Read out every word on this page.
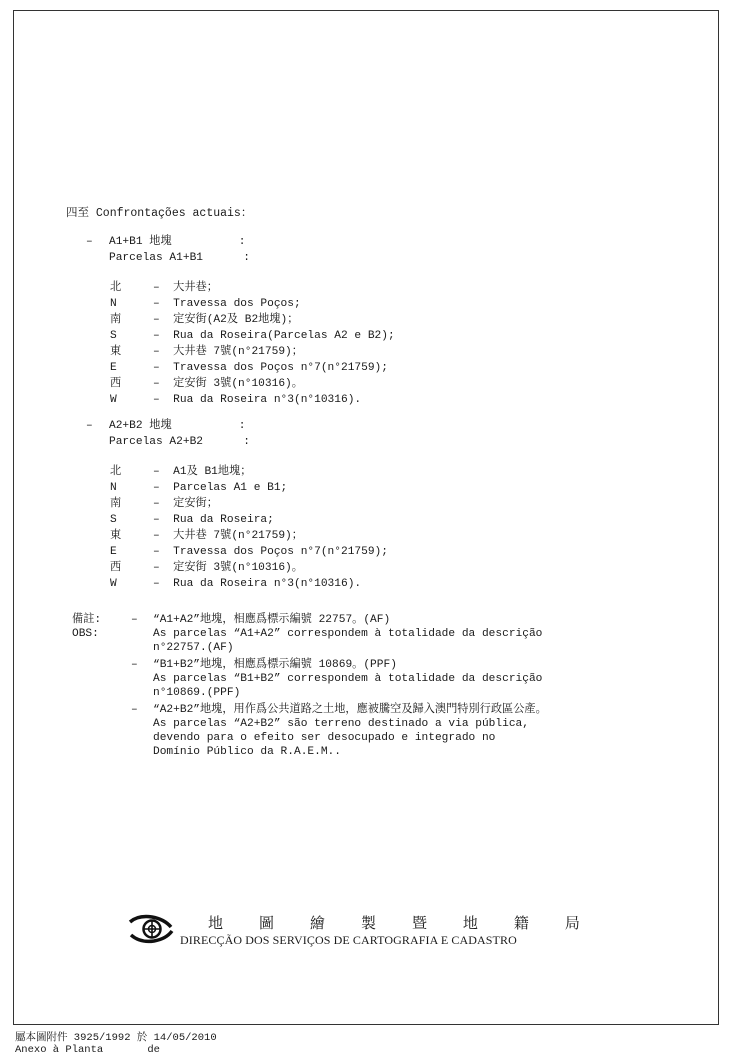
四至 Confrontações actuais：
– A1+B1 地塊          :
Parcelas A1+B1      :
北	–  大井巷；
N	–  Travessa dos Poços;
南	–  定安街(A2及 B2地塊)；
S	–  Rua da Roseira(Parcelas A2 e B2);
東	–  大井巷 7號(n°21759)；
E	–  Travessa dos Poços n°7(n°21759);
西	–  定安街 3號(n°10316)。
W	–  Rua da Roseira n°3(n°10316).
– A2+B2 地塊          :
Parcelas A2+B2      :
北	–  A1及 B1地塊；
N	–  Parcelas A1 e B1;
南	–  定安街；
S	–  Rua da Roseira;
東	–  大井巷 7號(n°21759)；
E	–  Travessa dos Poços n°7(n°21759);
西	–  定安街 3號(n°10316)。
W	–  Rua da Roseira n°3(n°10316).
備註:
OBS:
– “A1+A2”地塊，相應爲標示編號 22757。(AF)
As parcelas “A1+A2” correspondem à totalidade da descrição
n°22757.(AF)
– “B1+B2”地塊，相應爲標示編號 10869。(PPF)
As parcelas “B1+B2” correspondem à totalidade da descrição
n°10869.(PPF)
– “A2+B2”地塊，用作爲公共道路之土地，應被騰空及歸入澳門特別行政區公產。
As parcelas “A2+B2” são terreno destinado a via pública,
devendo para o efeito ser desocupado e integrado no
Domínio Público da R.A.E.M..
地 圖 繪 製 暨 地 籍 局
DIRECÇÃO DOS SERVIÇOS DE CARTOGRAFIA E CADASTRO
屬本圖附件 3925/1992 於 14/05/2010
Anexo à Planta       de
